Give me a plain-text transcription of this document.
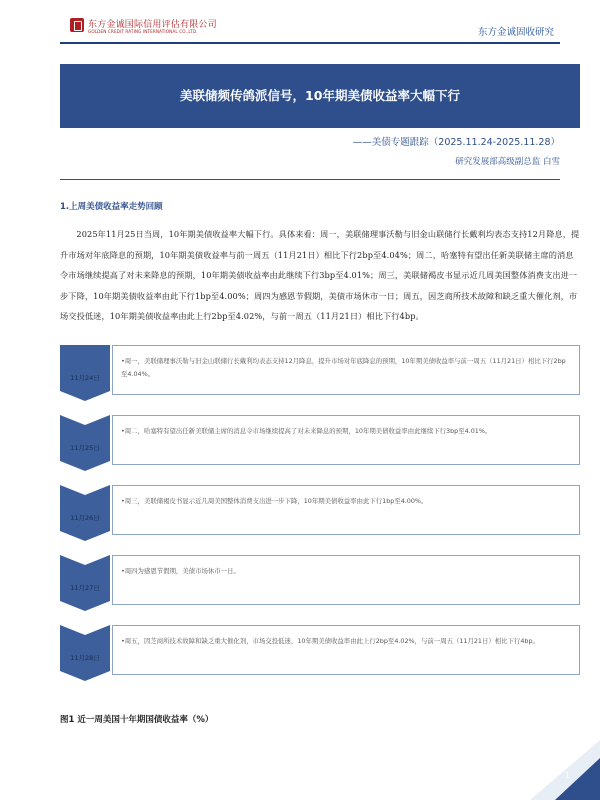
东方金诚国际信用评估有限公司
GOLDEN CREDIT RATING INTERNATIONAL CO.,LTD.	东方金诚固收研究
美联储频传鸽派信号，10年期美债收益率大幅下行
——美债专题跟踪（2025.11.24-2025.11.28）
研究发展部高级副总监 白雪
1.上周美债收益率走势回顾
2025年11月25日当周，10年期美债收益率大幅下行。具体来看：周一，美联储理事沃勒与旧金山联储行长戴利均表态支持12月降息，提升市场对年底降息的预期，10年期美债收益率与前一周五（11月21日）相比下行2bp至4.04%；周二，哈塞特有望出任新美联储主席的消息令市场继续提高了对未来降息的预期，10年期美债收益率由此继续下行3bp至4.01%；周三，美联储褐皮书显示近几周美国整体消费支出进一步下降，10年期美债收益率由此下行1bp至4.00%；周四为感恩节假期，美债市场休市一日；周五，因芝商所技术故障和缺乏重大催化剂，市场交投低迷，10年期美债收益率由此上行2bp至4.02%，与前一周五（11月21日）相比下行4bp。
11月24日
•周一，美联储理事沃勒与旧金山联储行长戴利均表态支持12月降息，提升市场对年底降息的预期，10年期美债收益率与前一周五（11月21日）相比下行2bp至4.04%。
11月25日
•周二，哈塞特有望出任新美联储主席的消息令市场继续提高了对未来降息的预期，10年期美债收益率由此继续下行3bp至4.01%。
11月26日
•周三，美联储褐皮书显示近几周美国整体消费支出进一步下降，10年期美债收益率由此下行1bp至4.00%。
11月27日
•周四为感恩节假期，美债市场休市一日。
11月28日
•周五，因芝商所技术故障和缺乏重大催化剂，市场交投低迷，10年期美债收益率由此上行2bp至4.02%，与前一周五（11月21日）相比下行4bp。
图1 近一周美国十年期国债收益率（%）
1
